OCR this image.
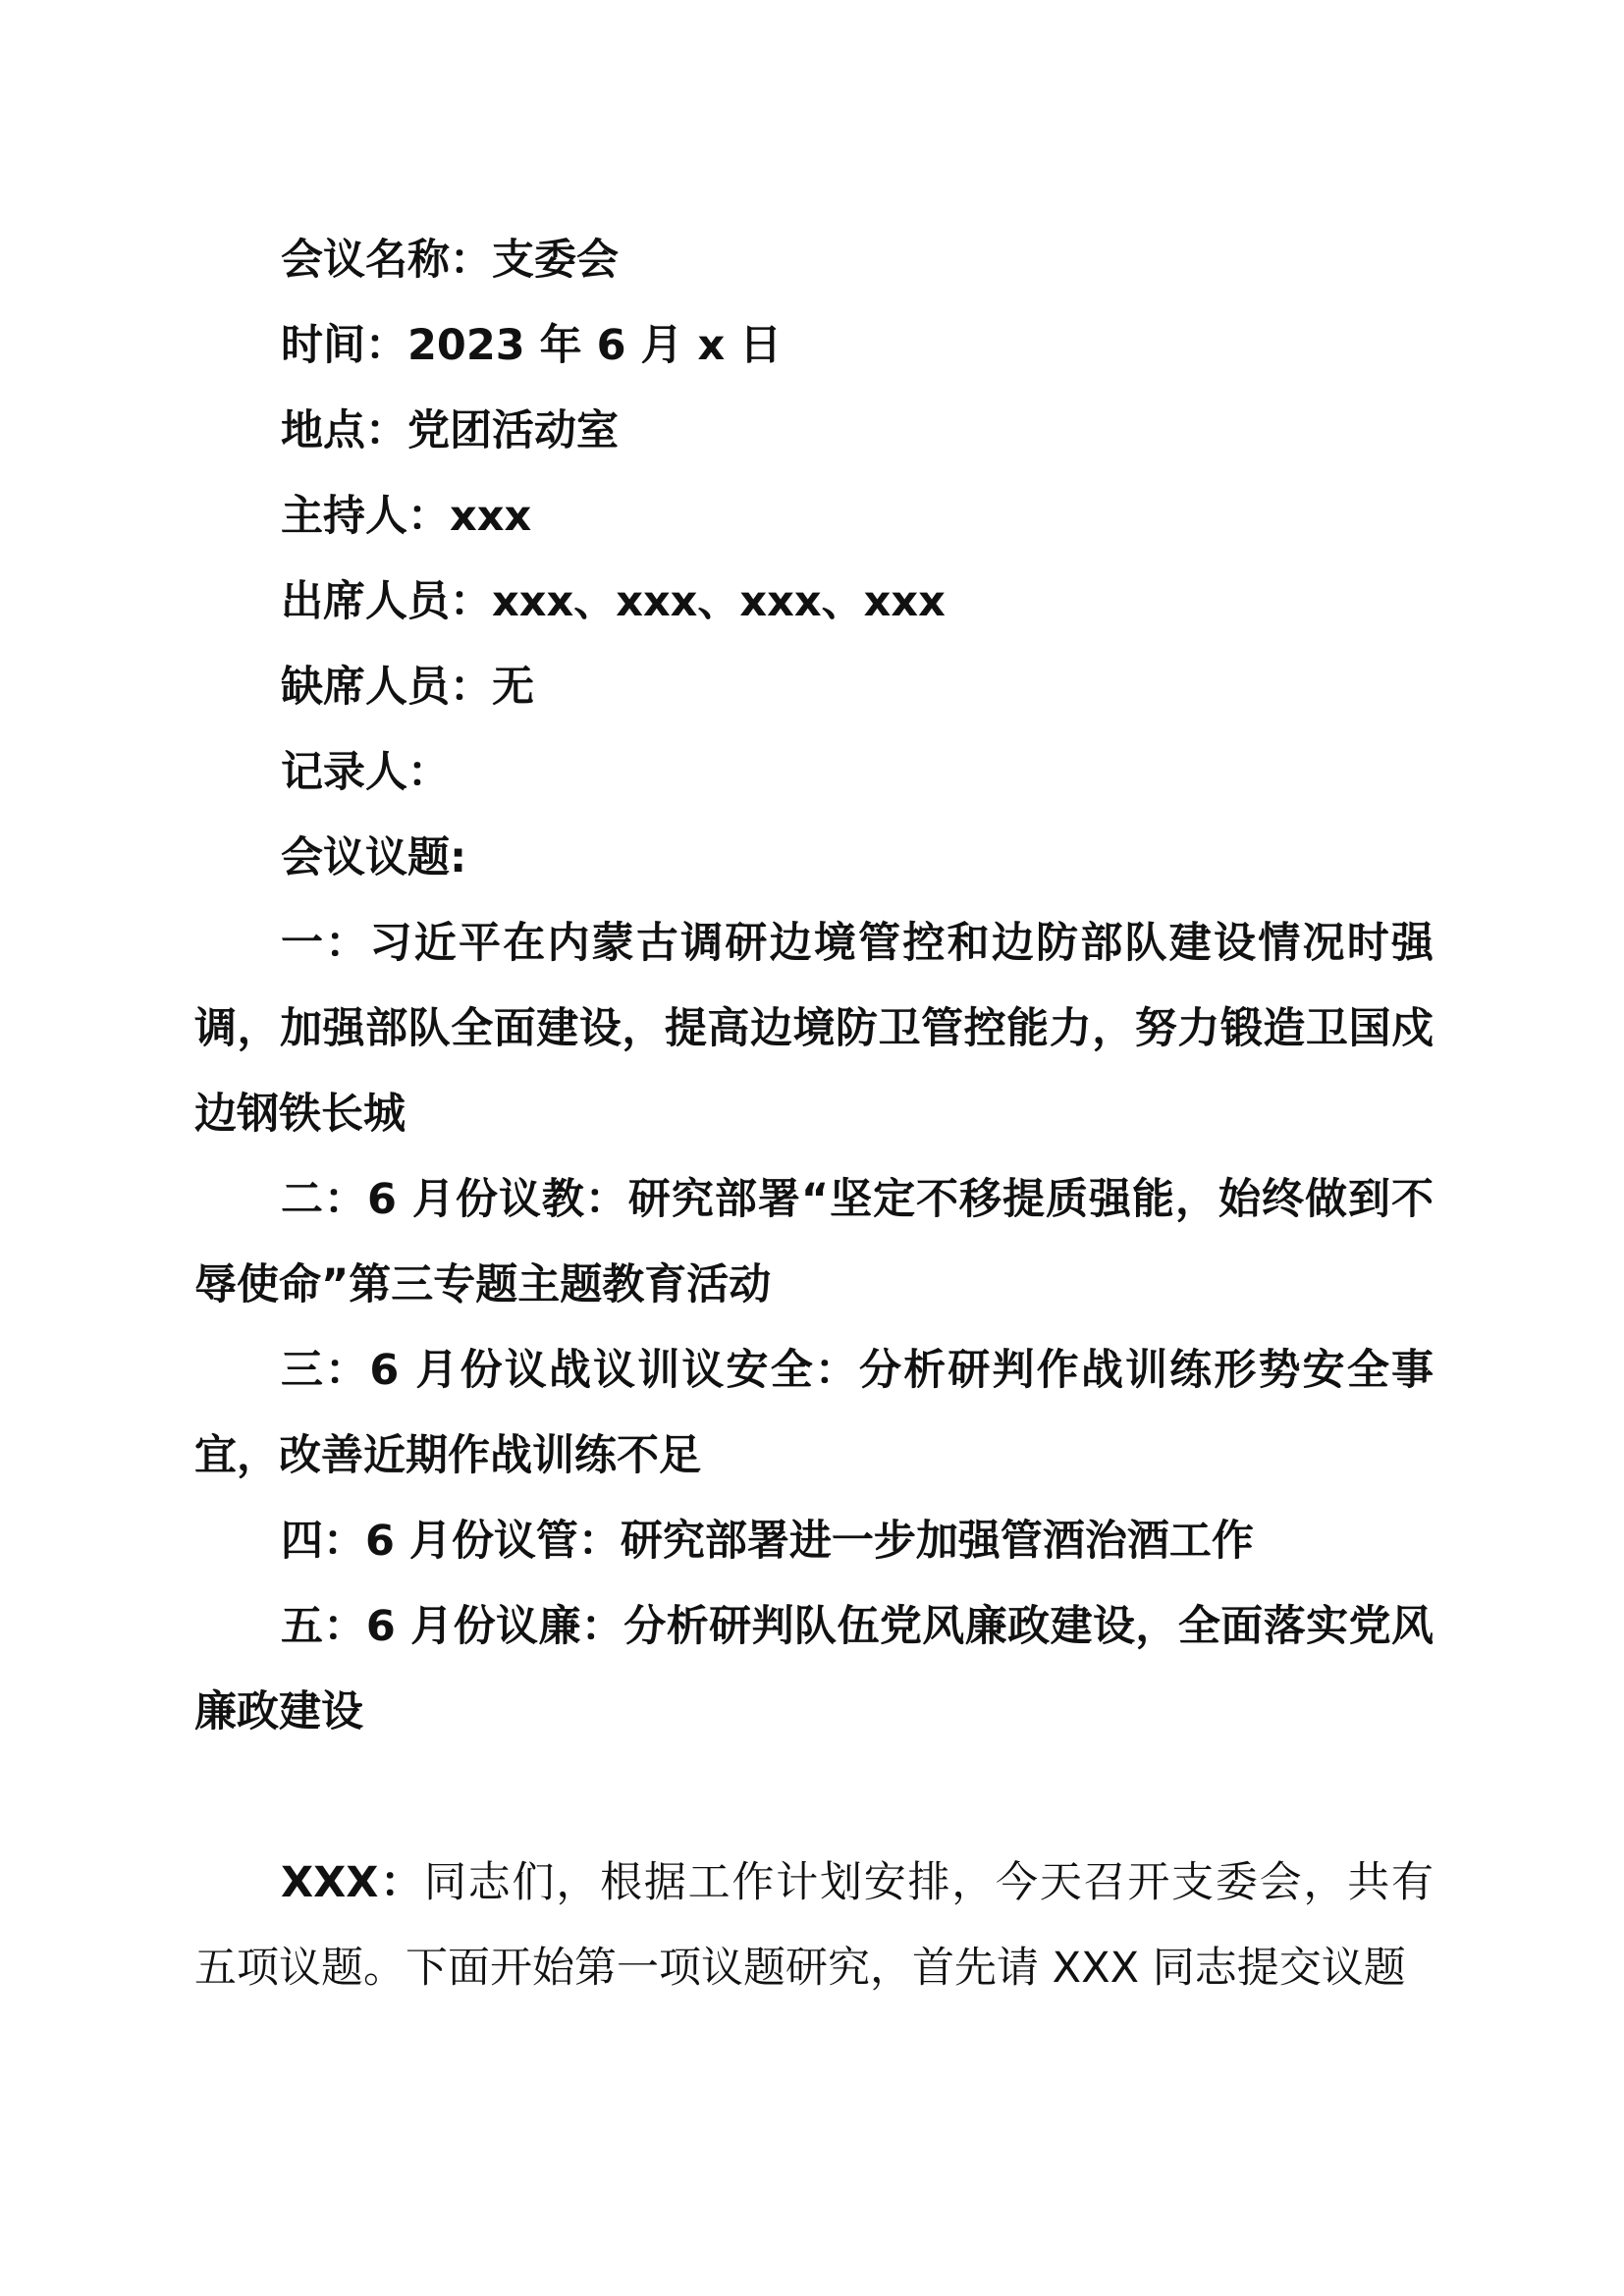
会议名称：支委会

时间：2023 年 6 月 x 日

地点：党团活动室

主持人：xxx

出席人员：xxx、xxx、xxx、xxx

缺席人员：无

记录人：

会议议题:

一：习近平在内蒙古调研边境管控和边防部队建设情况时强调，加强部队全面建设，提高边境防卫管控能力，努力锻造卫国戍边钢铁长城

二：6 月份议教：研究部署“坚定不移提质强能，始终做到不辱使命”第三专题主题教育活动

三：6 月份议战议训议安全：分析研判作战训练形势安全事宜，改善近期作战训练不足

四：6 月份议管：研究部署进一步加强管酒治酒工作

五：6 月份议廉：分析研判队伍党风廉政建设，全面落实党风廉政建设

XXX：同志们，根据工作计划安排，今天召开支委会，共有五项议题。下面开始第一项议题研究，首先请 XXX 同志提交议题
